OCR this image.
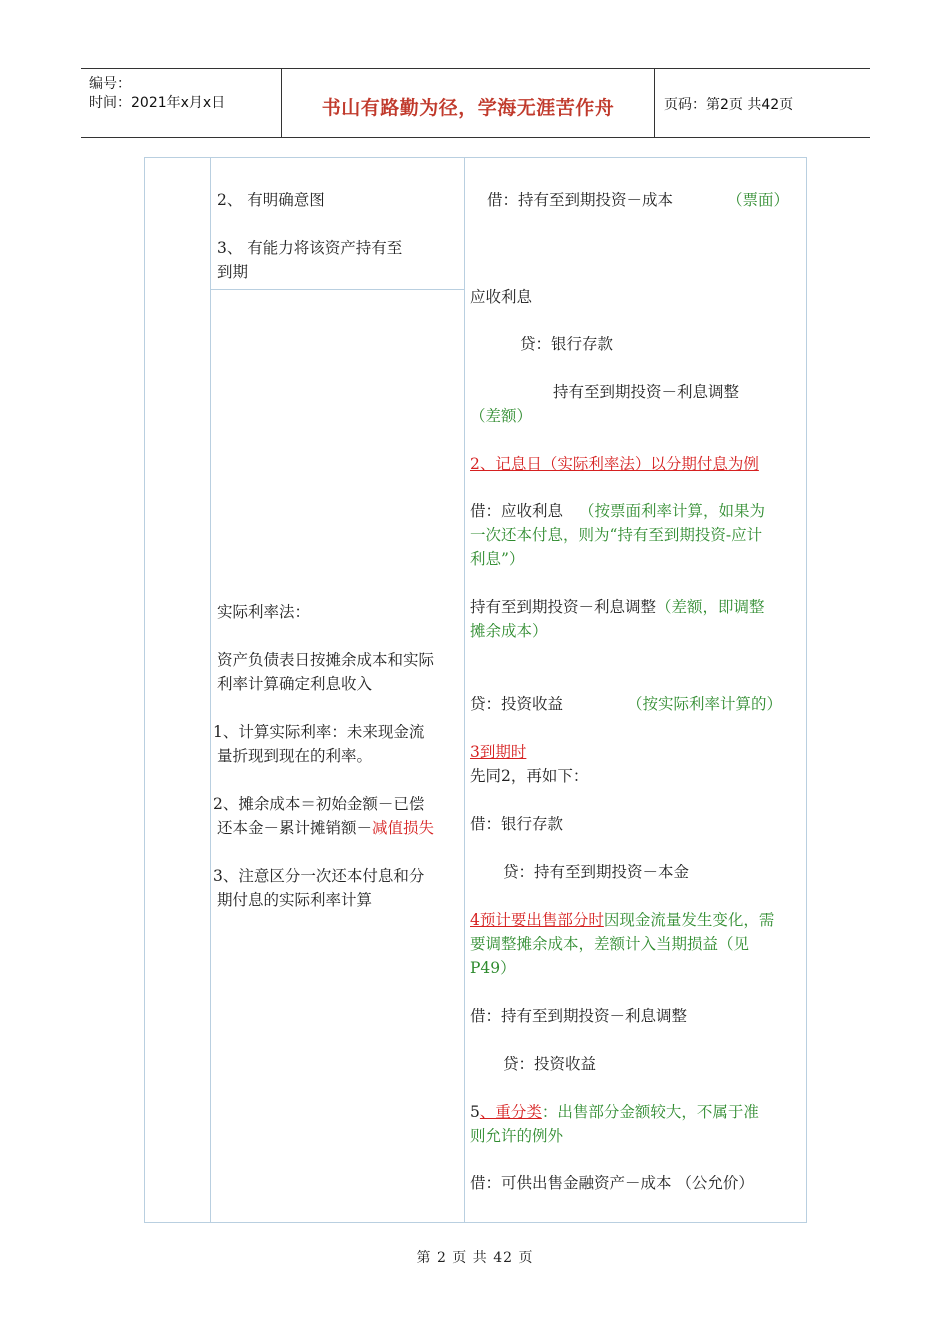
编号：
时间：2021年x月x日	书山有路勤为径，学海无涯苦作舟	页码：第2页 共42页
2、 有明确意图
3、 有能力将该资产持有至
到期
实际利率法：
资产负债表日按摊余成本和实际
利率计算确定利息收入
1、计算实际利率：未来现金流
量折现到现在的利率。
2、摊余成本＝初始金额－已偿
还本金－累计摊销额－减值损失
3、注意区分一次还本付息和分
期付息的实际利率计算
借：持有至到期投资－成本	（票面）
应收利息
贷：银行存款
持有至到期投资－利息调整
（差额）
2、记息日（实际利率法）以分期付息为例
借：应收利息 （按票面利率计算，如果为
一次还本付息，则为“持有至到期投资-应计
利息”）
持有至到期投资－利息调整（差额，即调整
摊余成本）
贷：投资收益	（按实际利率计算的）
3到期时
先同2，再如下：
借：银行存款
贷：持有至到期投资－本金
4预计要出售部分时因现金流量发生变化，需
要调整摊余成本，差额计入当期损益（见
P49）
借：持有至到期投资－利息调整
贷：投资收益
5、重分类：出售部分金额较大，不属于准
则允许的例外
借：可供出售金融资产－成本 （公允价）
第 2 页 共 42 页
